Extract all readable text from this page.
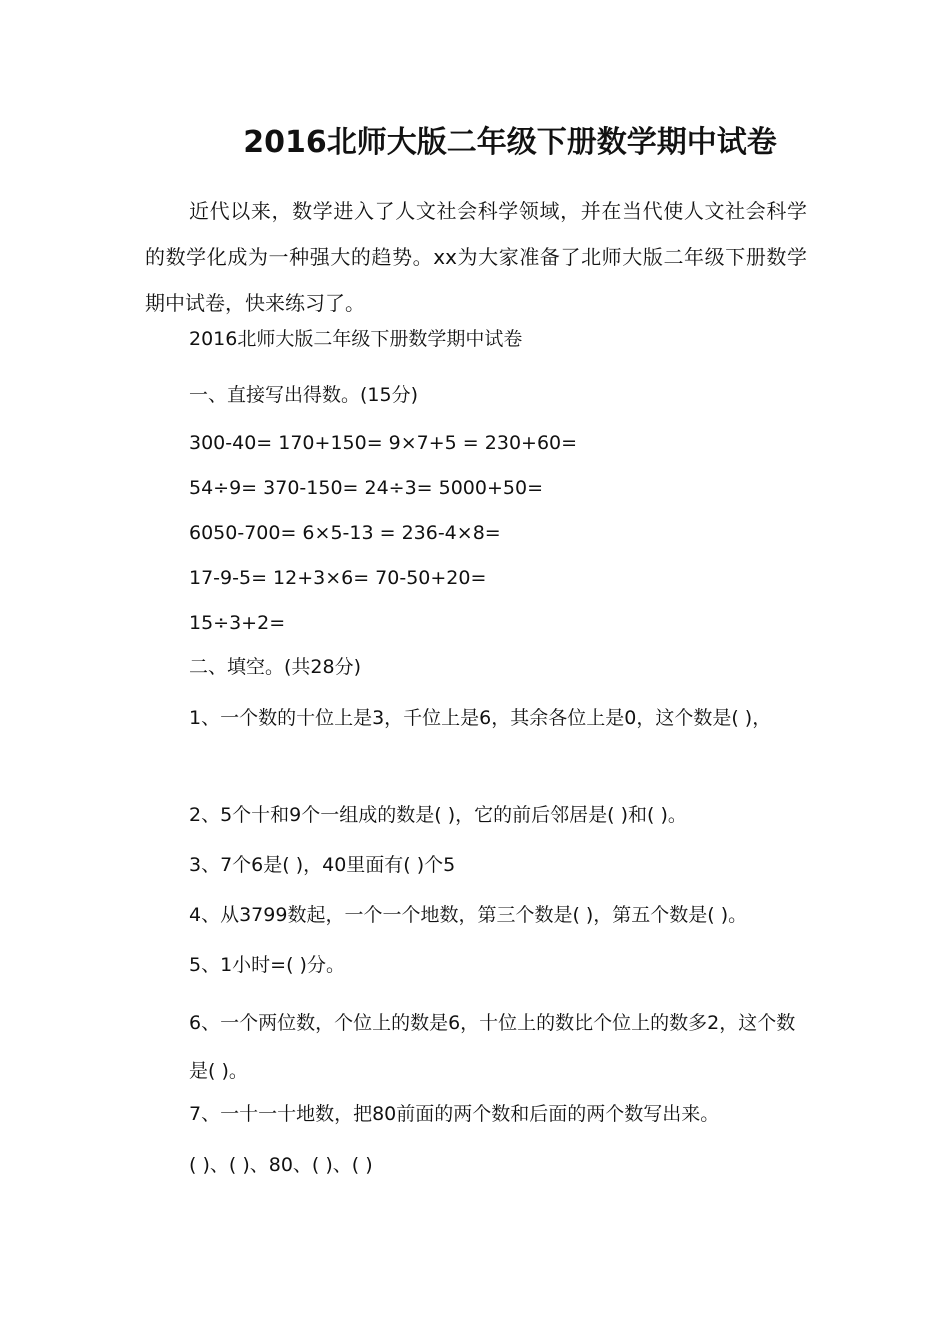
2016北师大版二年级下册数学期中试卷
近代以来，数学进入了人文社会科学领域，并在当代使人文社会科学的数学化成为一种强大的趋势。xx为大家准备了北师大版二年级下册数学期中试卷，快来练习了。
2016北师大版二年级下册数学期中试卷
一、直接写出得数。(15分)
300-40= 170+150= 9×7+5 = 230+60=
54÷9= 370-150= 24÷3= 5000+50=
6050-700= 6×5-13 = 236-4×8=
17-9-5= 12+3×6= 70-50+20=
15÷3+2=
二、填空。(共28分)
1、一个数的十位上是3，千位上是6，其余各位上是0，这个数是( )，
2、5个十和9个一组成的数是( )，它的前后邻居是( )和( )。
3、7个6是( )，40里面有( )个5
4、从3799数起，一个一个地数，第三个数是( )，第五个数是( )。
5、1小时=( )分。
6、一个两位数，个位上的数是6，十位上的数比个位上的数多2，这个数是( )。
7、一十一十地数，把80前面的两个数和后面的两个数写出来。
( )、( )、80、( )、( )
